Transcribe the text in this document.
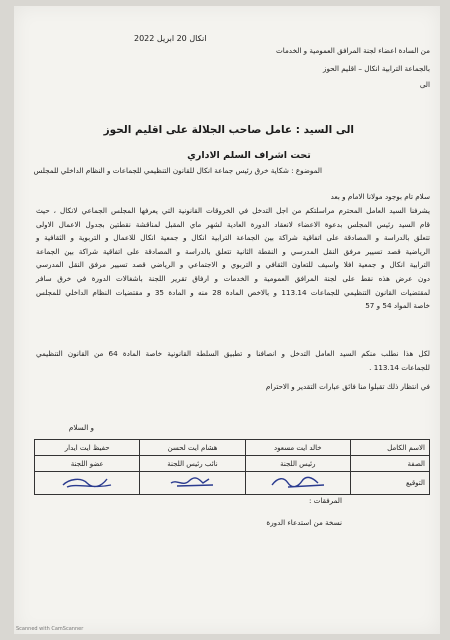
انكال 20 ابريل 2022
من السادة اعضاء لجنة المرافق العمومية و الخدمات
بالجماعة الترابية انكال – اقليم الحوز
الى
الى السيد : عامل صاحب الجلالة على اقليم الحوز
تحت اشراف السلم الاداري
الموضوع : شكاية خرق رئيس جماعة انكال للقانون التنظيمي للجماعات و النظام الداخلي للمجلس
سلام تام بوجود مولانا الامام و بعد
يشرفنا السيد العامل المحترم مراسلتكم من اجل التدخل في الخروقات القانونية التي يعرفها المجلس الجماعي لانكال ، حيث
قام السيد رئيس المجلس بدعوة الاعضاء لانعقاد الدورة العادية لشهر ماي المقبل لمناقشة نقطتين بجدول الاعمال الاولى
تتعلق بالدراسة و المصادقة على اتفاقية شراكة بين الجماعة الترابية انكال و جمعية انكال للاعمال و التربوية و الثقافية و
الرياضية قصد تسيير مرفق النقل المدرسي و النقطة الثانية تتعلق بالدراسة و المصادقة على اتفاقية شراكة بين الجماعة
الترابية انكال و جمعية افلا واسيف للتعاون الثقافي و التربوي و الاجتماعي و الرياضي قصد تسيير مرفق النقل المدرسي
دون عرض هذه نقط على لجنة المرافق العمومية و الخدمات و ارفاق تقرير اللجنة باشغالات الدورة في خرق سافر
لمقتضيات القانون التنظيمي للجماعات 113.14 و بالاخص المادة 28 منه و المادة 35 و مقتضيات النظام الداخلي للمجلس
خاصة المواد 54 و 57
لكل هذا نطلب منكم السيد العامل التدخل و انصافنا و تطبيق السلطة القانونية خاصة المادة 64 من القانون التنظيمي
للجماعات 113.14 .
في انتظار ذلك تقبلوا منا فائق عبارات التقدير و الاحترام
و السلام
الاسم الكامل	خالد ايت مسعود	هشام ايت لحسن	حفيظ ايت ايدار
الصفة	رئيس اللجنة	نائب رئيس اللجنة	عضو اللجنة
التوقيع			
المرفقات :
نسخة من استدعاء الدورة
Scanned with CamScanner
